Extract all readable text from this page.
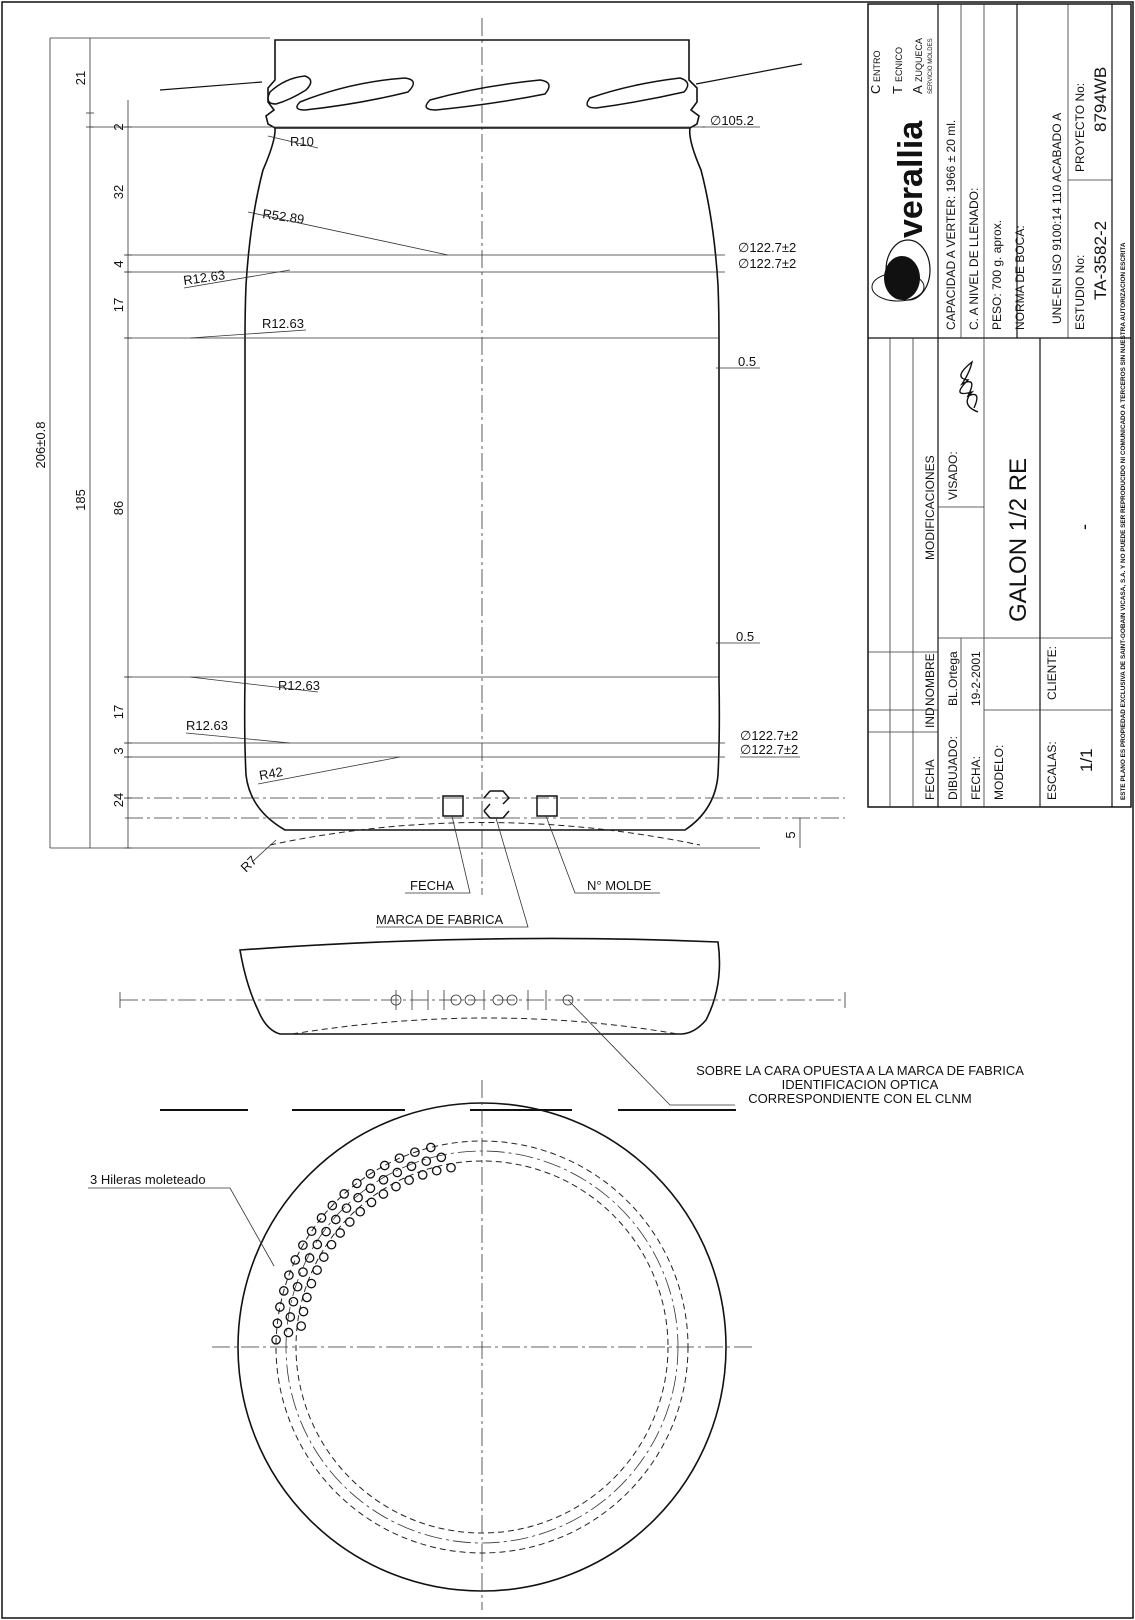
206±0.8
185
21
2
32
4
17
86
17
3
24
5
∅105.2
∅122.7±2
∅122.7±2
∅122.7±2
∅122.7±2
0.5
0.5
R10
R52.89
R12.63
R12.63
R12.63
R12.63
R42
R7
FECHA	N° MOLDE
MARCA DE FABRICA
SOBRE LA CARA OPUESTA A LA MARCA DE FABRICA
IDENTIFICACION OPTICA
CORRESPONDIENTE CON EL CLNM
3 Hileras moleteado
C
ENTRO
T
ECNICO
A
ZUQUECA SERVICIO MOLDES
verallia CAPACIDAD A VERTER: 1966 ± 20 ml. C. A NIVEL DE LLENADO: PESO: 700 g. aprox. NORMA DE BOCA: UNE-EN ISO 9100:14 110 ACABADO A ESTUDIO No: TA-3582-2
PROYECTO No: 8794WB
ESTE PLANO ES PROPIEDAD EXCLUSIVA DE SAINT-GOBAIN VICASA, S.A. Y NO PUEDE SER REPRODUCIDO NI COMUNICADO A TERCEROS SIN NUESTRA AUTORIZACION ESCRITA
MODIFICACIONES
FECHA
IND
NOMBRE
VISADO:
DIBUJADO:
BL.Ortega
FECHA:
19-2-2001
MODELO:
GALON 1/2 RE
ESCALAS: 1/1
CLIENTE:
-
